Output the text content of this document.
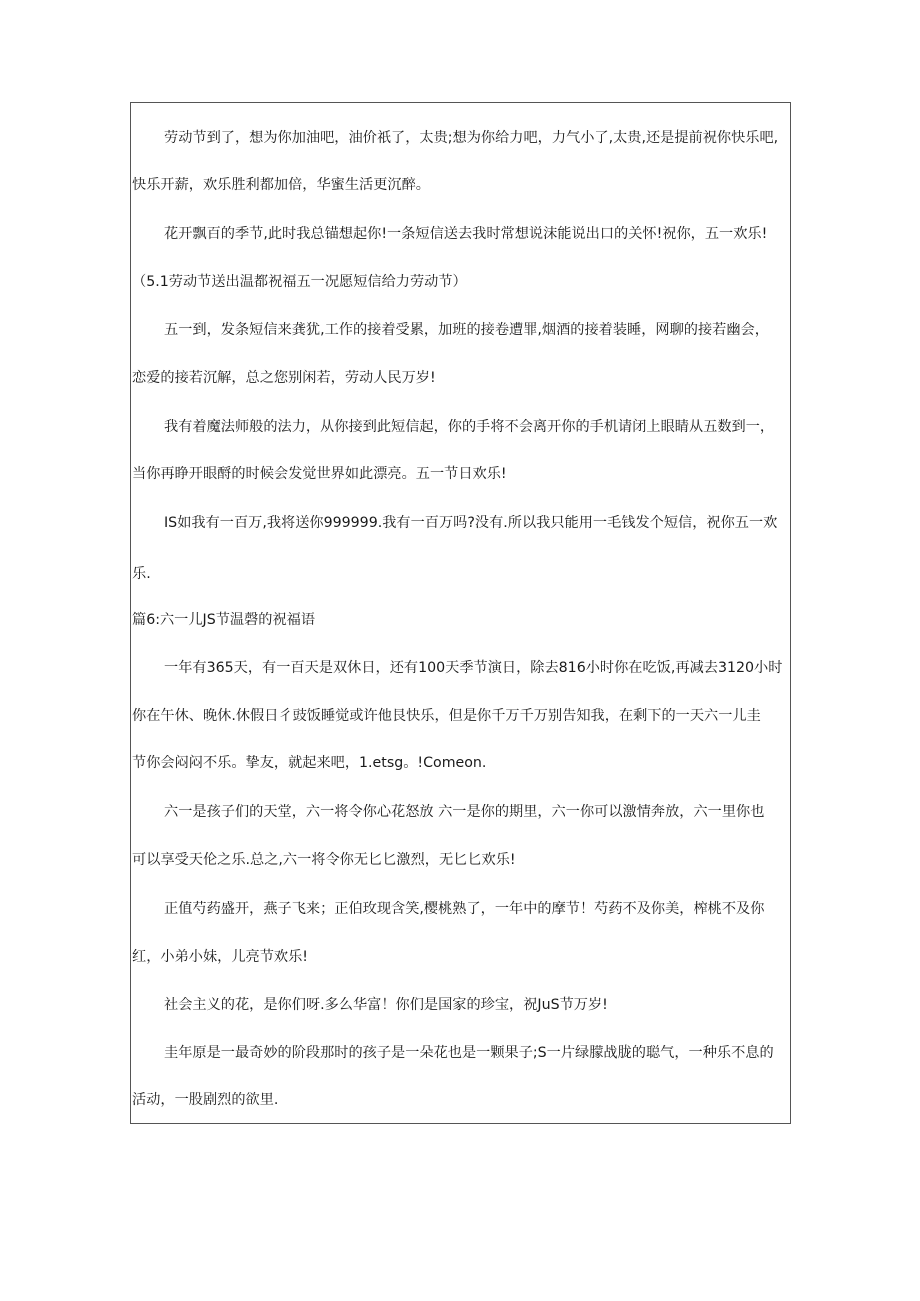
劳动节到了，想为你加油吧，油价祇了，太贵;想为你给力吧，力气小了,太贵,还是提前祝你快乐吧,
快乐开薪，欢乐胜利都加倍，华蜜生活更沉醉。
花开飘百的季节,此时我总锚想起你!一条短信送去我时常想说沫能说出口的关怀!祝你，五一欢乐!
（5.1劳动节送出温都祝福五一况愿短信给力劳动节）
五一到，发条短信来龚犹,工作的接着受累，加班的接卷遭罪,烟酒的接着装睡，网聊的接若幽会，
恋爱的接若沉解，总之您别闲若，劳动人民万岁!
我有着魔法师般的法力，从你接到此短信起，你的手将不会离开你的手机请闭上眼睛从五数到一，
当你再睁开眼酹的时候会发觉世界如此漂亮。五一节日欢乐!
IS如我有一百万,我将送你999999.我有一百万吗?没有.所以我只能用一毛钱发个短信，祝你五一欢
乐.
篇6:六一儿JS节温磬的祝福语
一年有365天，有一百天是双休日，还有100天季节演日，除去816小时你在吃饭,再减去3120小时
你在午休、晚休.休假日彳豉饭睡觉或许他艮快乐，但是你千万千万别告知我，在剩下的一天六一儿圭
节你会闷闷不乐。挚友，就起来吧，1.etsg。!Comeon.
六一是孩子们的天堂，六一将令你心花怒放 六一是你的期里，六一你可以激情奔放，六一里你也
可以享受天伦之乐.总之,六一将令你无匕匕激烈，无匕匕欢乐!
正值芍药盛开，燕子飞来；正伯玫现含笑,樱桃熟了，一年中的摩节！芍药不及你美，榨桃不及你
红，小弟小妹，儿亮节欢乐!
社会主义的花，是你们呀.多么华富！你们是国家的珍宝，祝JuS节万岁!
圭年原是一最奇妙的阶段那时的孩子是一朵花也是一颗果子;S一片绿朦战胧的聪气，一种乐不息的
活动，一股剧烈的欲里.
